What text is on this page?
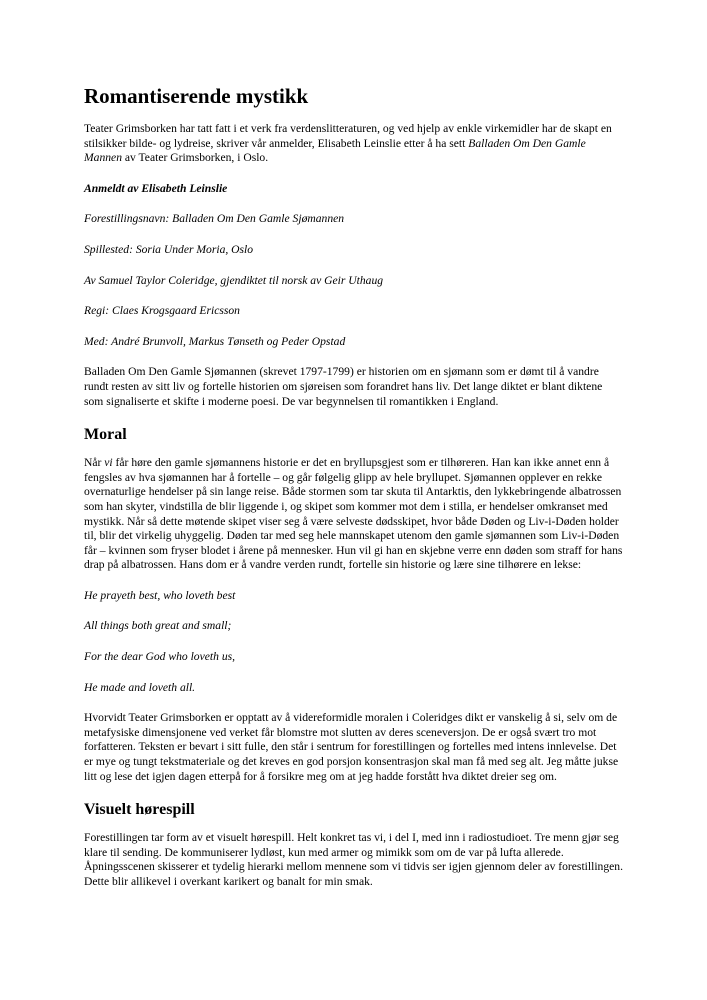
Romantiserende mystikk

Teater Grimsborken har tatt fatt i et verk fra verdenslitteraturen, og ved hjelp av enkle virkemidler har de skapt en stilsikker bilde- og lydreise, skriver vår anmelder, Elisabeth Leinslie etter å ha sett Balladen Om Den Gamle Mannen av Teater Grimsborken, i Oslo.

Anmeldt av Elisabeth Leinslie

Forestillingsnavn: Balladen Om Den Gamle Sjømannen

Spillested: Soria Under Moria, Oslo

Av Samuel Taylor Coleridge, gjendiktet til norsk av Geir Uthaug

Regi: Claes Krogsgaard Ericsson

Med: André Brunvoll, Markus Tønseth og Peder Opstad

Balladen Om Den Gamle Sjømannen (skrevet 1797-1799) er historien om en sjømann som er dømt til å vandre rundt resten av sitt liv og fortelle historien om sjøreisen som forandret hans liv. Det lange diktet er blant diktene som signaliserte et skifte i moderne poesi. De var begynnelsen til romantikken i England.

Moral

Når vi får høre den gamle sjømannens historie er det en bryllupsgjest som er tilhøreren. Han kan ikke annet enn å fengsles av hva sjømannen har å fortelle – og går følgelig glipp av hele bryllupet. Sjømannen opplever en rekke overnaturlige hendelser på sin lange reise. Både stormen som tar skuta til Antarktis, den lykkebringende albatrossen som han skyter, vindstilla de blir liggende i, og skipet som kommer mot dem i stilla, er hendelser omkranset med mystikk. Når så dette møtende skipet viser seg å være selveste dødsskipet, hvor både Døden og Liv-i-Døden holder til, blir det virkelig uhyggelig. Døden tar med seg hele mannskapet utenom den gamle sjømannen som Liv-i-Døden får – kvinnen som fryser blodet i årene på mennesker. Hun vil gi han en skjebne verre enn døden som straff for hans drap på albatrossen. Hans dom er å vandre verden rundt, fortelle sin historie og lære sine tilhørere en lekse:

He prayeth best, who loveth best

All things both great and small;

For the dear God who loveth us,

He made and loveth all.

Hvorvidt Teater Grimsborken er opptatt av å videreformidle moralen i Coleridges dikt er vanskelig å si, selv om de metafysiske dimensjonene ved verket får blomstre mot slutten av deres sceneversjon. De er også svært tro mot forfatteren. Teksten er bevart i sitt fulle, den står i sentrum for forestillingen og fortelles med intens innlevelse. Det er mye og tungt tekstmateriale og det kreves en god porsjon konsentrasjon skal man få med seg alt. Jeg måtte jukse litt og lese det igjen dagen etterpå for å forsikre meg om at jeg hadde forstått hva diktet dreier seg om.

Visuelt hørespill

Forestillingen tar form av et visuelt hørespill. Helt konkret tas vi, i del I, med inn i radiostudioet. Tre menn gjør seg klare til sending. De kommuniserer lydløst, kun med armer og mimikk som om de var på lufta allerede. Åpningsscenen skisserer et tydelig hierarki mellom mennene som vi tidvis ser igjen gjennom deler av forestillingen. Dette blir allikevel i overkant karikert og banalt for min smak.
